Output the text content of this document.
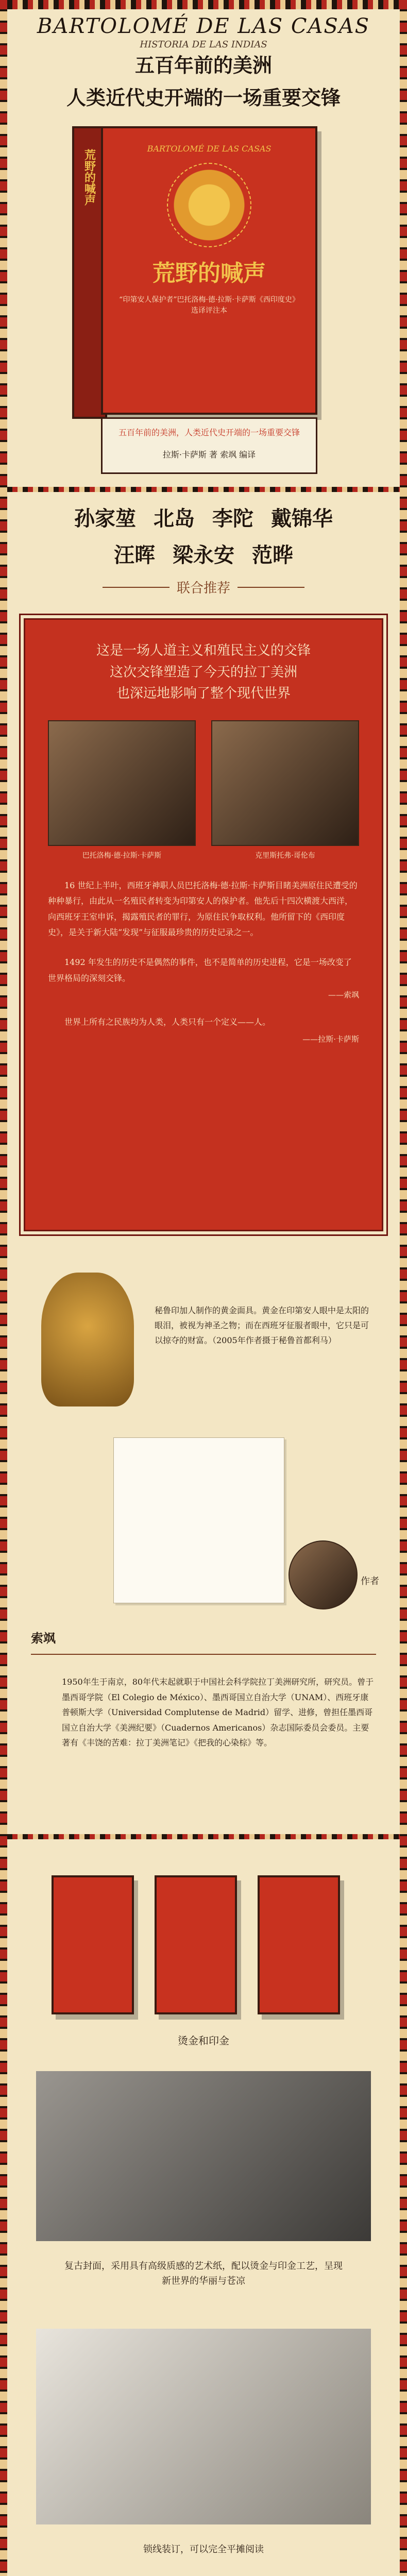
BARTOLOMÉ DE LAS CASAS
HISTORIA DE LAS INDIAS
五百年前的美洲
人类近代史开端的一场重要交锋
荒野的喊声
BARTOLOMÉ DE LAS CASAS
荒野的喊声
“印第安人保护者”巴托洛梅·德·拉斯·卡萨斯《西印度史》选译评注本
五百年前的美洲，人类近代史开端的一场重要交锋
拉斯·卡萨斯 著 索飒 编译
孙家堃 北岛 李陀 戴锦华
汪晖 梁永安 范晔
联合推荐

这是一场人道主义和殖民主义的交锋

这次交锋塑造了今天的拉丁美洲

也深远地影响了整个现代世界

巴托洛梅·德·拉斯·卡萨斯	克里斯托弗·哥伦布

16 世纪上半叶，西班牙神职人员巴托洛梅·德·拉斯·卡萨斯目睹美洲原住民遭受的种种暴行，由此从一名殖民者转变为印第安人的保护者。他先后十四次横渡大西洋，向西班牙王室申诉，揭露殖民者的罪行，为原住民争取权利。他所留下的《西印度史》，是关于新大陆“发现”与征服最珍贵的历史记录之一。

1492 年发生的历史不是偶然的事件，也不是简单的历史进程，它是一场改变了世界格局的深刻交锋。

——索飒

世界上所有之民族均为人类，人类只有一个定义——人。

——拉斯·卡萨斯

秘鲁印加人制作的黄金面具。黄金在印第安人眼中是太阳的眼泪，被视为神圣之物；而在西班牙征服者眼中，它只是可以掠夺的财富。（2005年作者摄于秘鲁首都利马）
作者
索飒

1950年生于南京，80年代末起就职于中国社会科学院拉丁美洲研究所，研究员。曾于墨西哥学院（El Colegio de México）、墨西哥国立自治大学（UNAM）、西班牙康普顿斯大学（Universidad Complutense de Madrid）留学、进修，曾担任墨西哥国立自治大学《美洲纪要》（Cuadernos Americanos）杂志国际委员会委员。主要著有《丰饶的苦难：拉丁美洲笔记》《把我的心染棕》等。

烫金和印金
复古封面，采用具有高级质感的艺术纸，配以烫金与印金工艺，呈现新世界的华丽与苍凉
锁线装订，可以完全平摊阅读
